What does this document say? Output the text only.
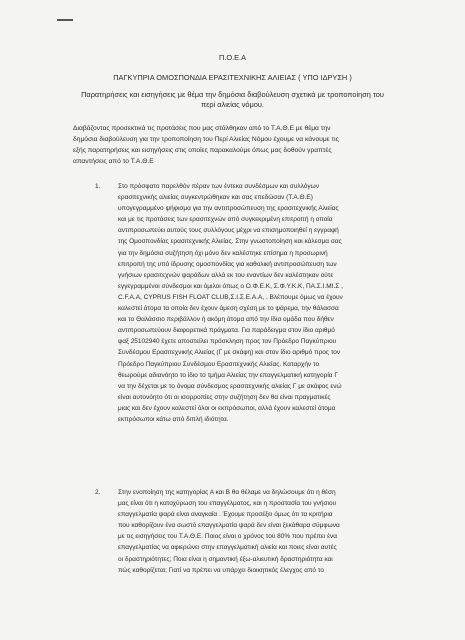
Π.Ο.Ε.Α
ΠΑΓΚΥΠΡΙΑ ΟΜΟΣΠΟΝΔΙΑ ΕΡΑΣΙΤΕΧΝΙΚΗΣ ΑΛΙΕΙΑΣ ( ΥΠΟ ΙΔΡΥΣΗ )
Παρατηρήσεις και εισηγήσεις με θέμα την δημόσια διαβούλευση σχετικά με τροποποίηση του
περί αλιείας νόμου.
Διαβάζοντας προσεκτικά τις προτάσεις που μας στάλθηκαν από το Τ.Α.Θ.Ε με θέμα την
δημόσια διαβούλευση για την τροποποίηση του Περί Αλιείας Νόμου έχουμε να κάνουμε τις
εξής παρατηρήσεις και εισηγήσεις στις οποίες παρακαλούμε όπως μας δοθούν γραπτές
απαντήσεις από το Τ.Α.Θ.Ε
1.	Στο πρόσφατο παρελθόν πέραν των έντεκα συνδέσμων και συλλόγων
ερασιτεχνικής αλιείας συγκεντρώθηκαν και σας επεδώσαν (Τ.Α.Θ.Ε)
υπογεγραμμένο ψήφισμα για την αντιπροσώπευση της ερασιτεχνικής Αλιείας
και με τις προτάσεις των ερασιτεχνών από συγκεκριμένη επιτροπή η οποία
αντιπροσωπεύει αυτούς τους συλλόγους μέχρι να επισημοποιηθεί η εγγραφή
της Ομοσπονδίας ερασιτεχνικής Αλιείας. Στην γνωστοποίηση και κάλεσμα σας
για την δημόσια συζήτηση όχι μόνο δεν καλέστηκε επίσημα η προσωρινή
επιτροπή της υπό ίδρυσης ομοσπονδίας για καθολική αντιπροσώπευση των
γνήσιων ερασιτεχνών ψαράδων αλλά εκ του εναντίων δεν καλέστηκαν ούτε
εγγεγραμμένοι σύνδεσμοι και όμιλοι όπως ο Ο.Φ.Ε.Κ, Σ.Φ.Υ.Κ.Κ, ΠΑ.Σ.Ι.ΜΙ.Σ ,
C.F.A.A, CYPRUS FISH FLOAT CLUB,Σ.Ι.Σ.Ε.Α.Α, . Βλέπουμε όμως να έχουν
καλεστεί άτομα τα οποία δεν έχουν άμεση σχέση με το ψάρεμα, την θάλασσα
και το Θαλάσσιο περιβάλλον ή ακόμη άτομα από την ίδια ομάδα που δήθεν
αντιπροσωπεύουν διαφορετικά πράγματα. Για παράδειγμα στον ίδιο αριθμό
φαξ 25102940 έχετε αποστείλει πρόσκληση προς τον Πρόεδρο Παγκύπριου
Συνδέσμου Ερασιτεχνικής Αλιείας (Γ με σκάφη) και στον ίδιο αριθμό προς τον
Πρόεδρο Παγκύπριου Συνδέσμου Ερασιτεχνικής Αλιείας. Καταρχήν το
θεωρούμε αδιανόητο το ίδιο το τμήμα Αλιείας την επαγγελματική κατηγορία Γ
να την δέχεται με το όνομα σύνδεσμος ερασιτεχνικής αλιείας Γ με σκάφος ενώ
είναι αυτονόητο ότι οι ισορροπίες στην συζήτηση δεν θα είναι πραγματικές
μιας και δεν έχουν καλεστεί όλοι οι εκπρόσωποι, αλλά έχουν καλεστεί άτομα
εκπρόσωποι κάτω από διπλή ιδιότητα.
2.	Στην ενοποίηση της κατηγορίας Α και Β θα θέλαμε να δηλώσουμε ότι η θέση
μας είναι ότι η κατοχύρωση του επαγγέλματος, και η προστασία του γνήσιου
επαγγελματία ψαρά είναι αναγκαία . Έχουμε προσέξει όμως ότι τα κριτήρια
που καθορίζουν ένα σωστό επαγγελματία ψαρά δεν είναι ξεκάθαρα σύμφωνα
με τις εισηγήσεις του Τ.Α.Θ.Ε. Ποιος είναι ο χρόνος του 80% που πρέπει ένα
επαγγελματίας να αφιερώνει στην επαγγελματική αλιεία και ποιες είναι αυτές
οι δραστηριότητες; Ποια είναι η σημαντική έξω-αλιευτική δραστηριότητα και
πώς καθορίζεται; Γιατί να πρέπει να υπάρχει διοικητικός έλεγχος από το
